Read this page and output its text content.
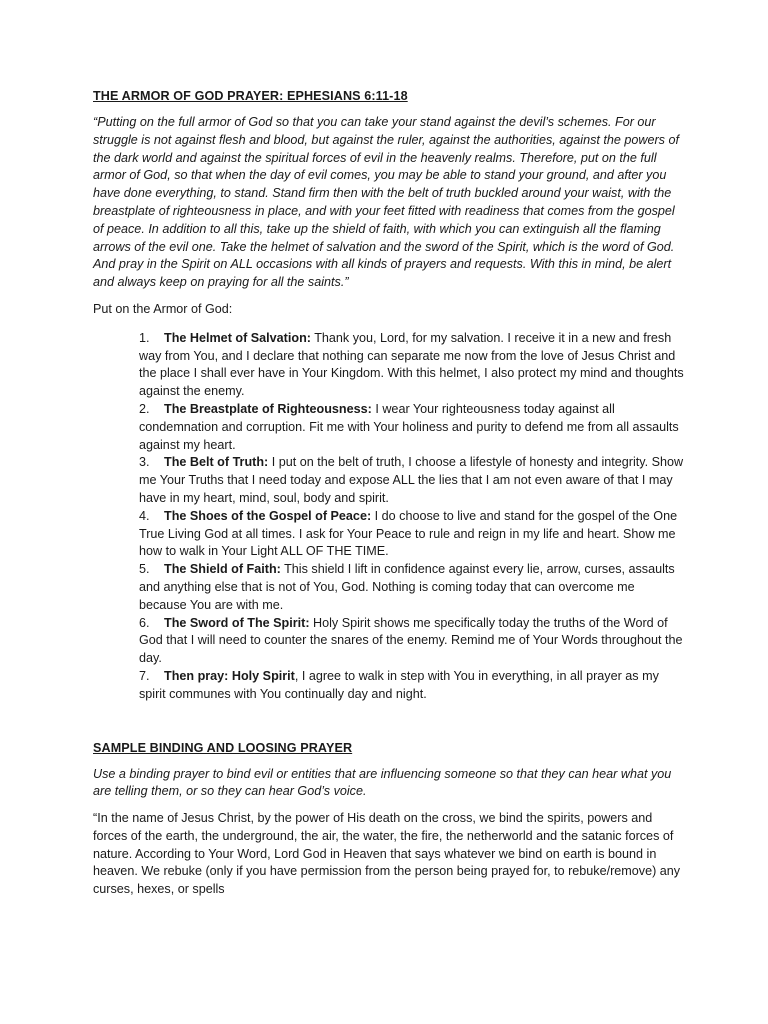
THE ARMOR OF GOD PRAYER: EPHESIANS 6:11-18

“Putting on the full armor of God so that you can take your stand against the devil’s schemes. For our struggle is not against flesh and blood, but against the ruler, against the authorities, against the powers of the dark world and against the spiritual forces of evil in the heavenly realms. Therefore, put on the full armor of God, so that when the day of evil comes, you may be able to stand your ground, and after you have done everything, to stand. Stand firm then with the belt of truth buckled around your waist, with the breastplate of righteousness in place, and with your feet fitted with readiness that comes from the gospel of peace. In addition to all this, take up the shield of faith, with which you can extinguish all the flaming arrows of the evil one. Take the helmet of salvation and the sword of the Spirit, which is the word of God. And pray in the Spirit on ALL occasions with all kinds of prayers and requests. With this in mind, be alert and always keep on praying for all the saints.”

Put on the Armor of God:

1. The Helmet of Salvation: Thank you, Lord, for my salvation. I receive it in a new and fresh way from You, and I declare that nothing can separate me now from the love of Jesus Christ and the place I shall ever have in Your Kingdom. With this helmet, I also protect my mind and thoughts against the enemy.
2. The Breastplate of Righteousness: I wear Your righteousness today against all condemnation and corruption. Fit me with Your holiness and purity to defend me from all assaults against my heart.
3. The Belt of Truth: I put on the belt of truth, I choose a lifestyle of honesty and integrity. Show me Your Truths that I need today and expose ALL the lies that I am not even aware of that I may have in my heart, mind, soul, body and spirit.
4. The Shoes of the Gospel of Peace: I do choose to live and stand for the gospel of the One True Living God at all times. I ask for Your Peace to rule and reign in my life and heart. Show me how to walk in Your Light ALL OF THE TIME.
5. The Shield of Faith: This shield I lift in confidence against every lie, arrow, curses, assaults and anything else that is not of You, God. Nothing is coming today that can overcome me because You are with me.
6. The Sword of The Spirit: Holy Spirit shows me specifically today the truths of the Word of God that I will need to counter the snares of the enemy. Remind me of Your Words throughout the day.
7. Then pray: Holy Spirit, I agree to walk in step with You in everything, in all prayer as my spirit communes with You continually day and night.

SAMPLE BINDING AND LOOSING PRAYER

Use a binding prayer to bind evil or entities that are influencing someone so that they can hear what you are telling them, or so they can hear God’s voice.

“In the name of Jesus Christ, by the power of His death on the cross, we bind the spirits, powers and forces of the earth, the underground, the air, the water, the fire, the netherworld and the satanic forces of nature. According to Your Word, Lord God in Heaven that says whatever we bind on earth is bound in heaven. We rebuke (only if you have permission from the person being prayed for, to rebuke/remove) any curses, hexes, or spells
